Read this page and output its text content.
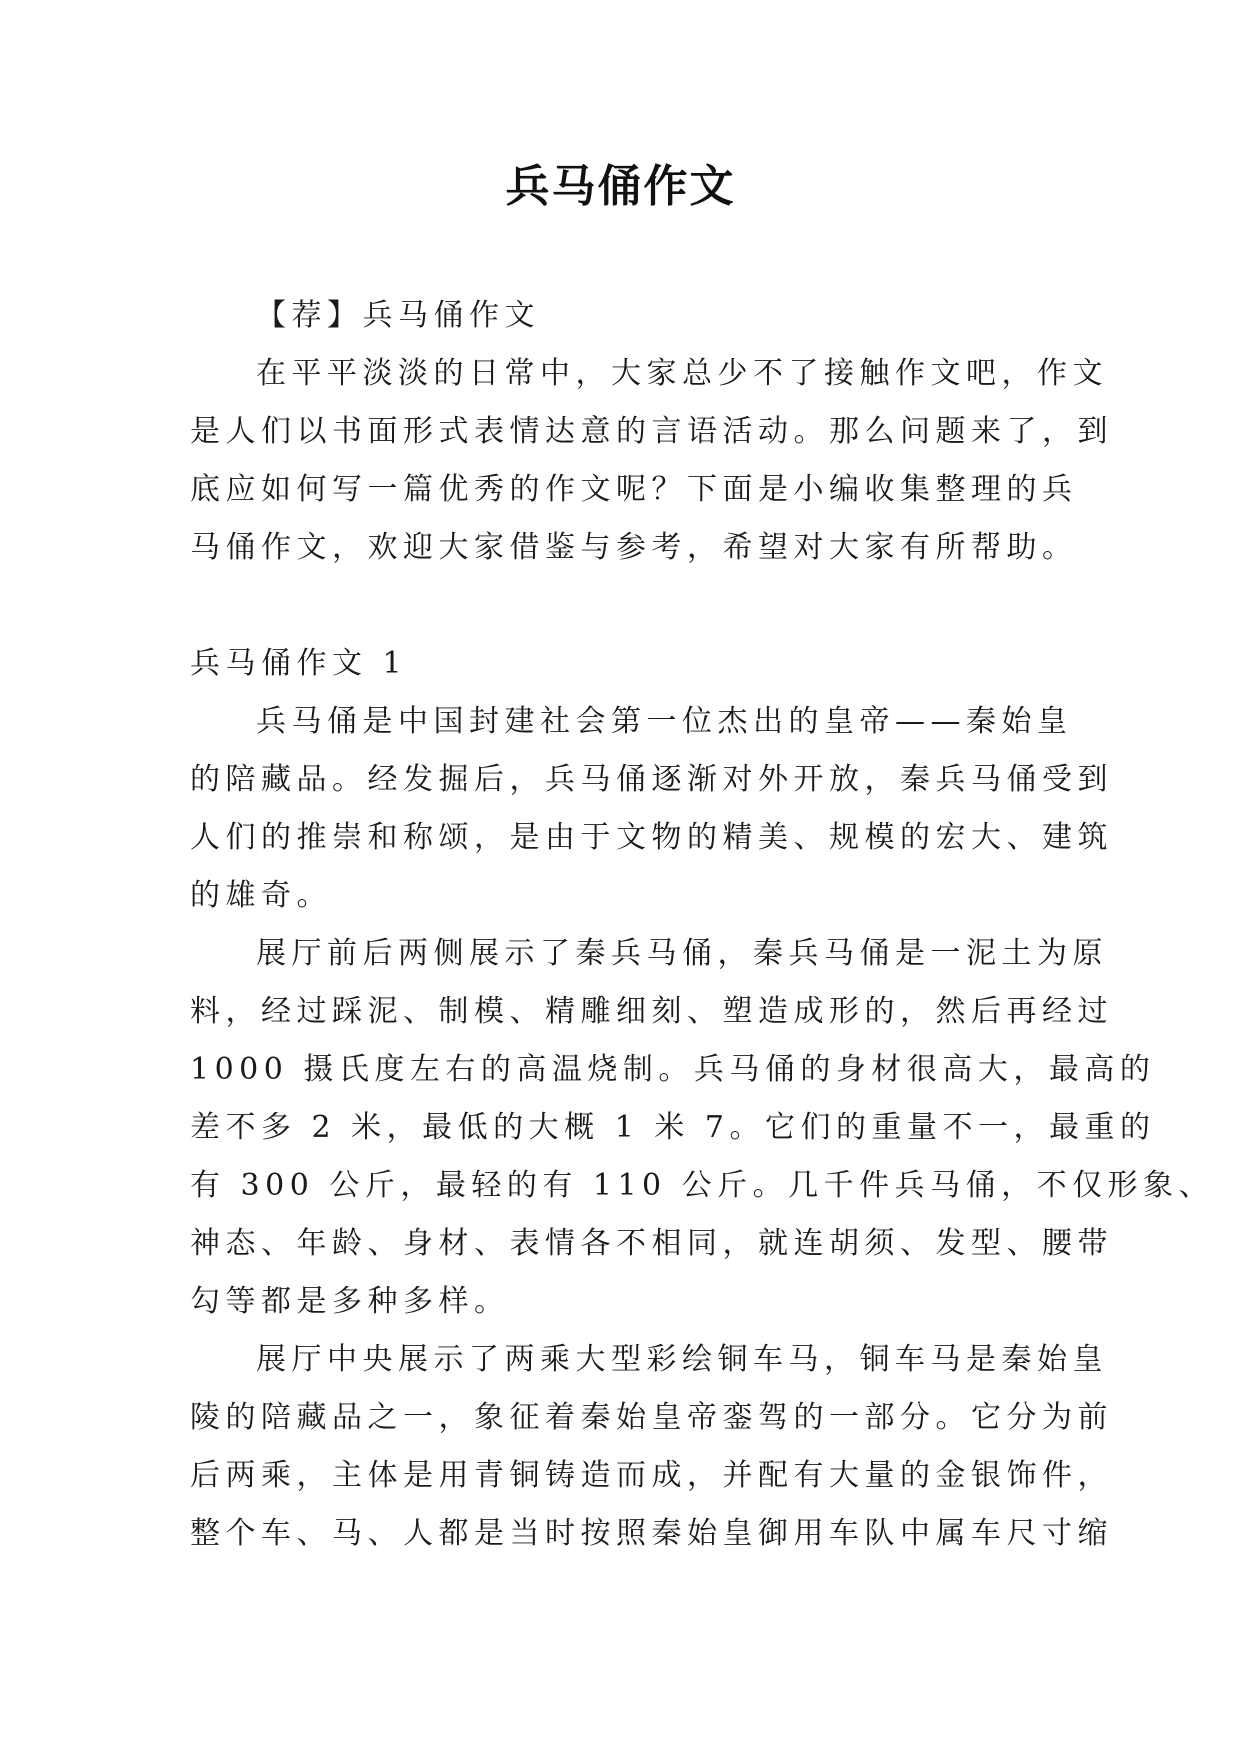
兵马俑作文
【荐】兵马俑作文
在平平淡淡的日常中，大家总少不了接触作文吧，作文
是人们以书面形式表情达意的言语活动。那么问题来了，到
底应如何写一篇优秀的作文呢？下面是小编收集整理的兵
马俑作文，欢迎大家借鉴与参考，希望对大家有所帮助。
兵马俑作文 1
兵马俑是中国封建社会第一位杰出的皇帝——秦始皇
的陪藏品。经发掘后，兵马俑逐渐对外开放，秦兵马俑受到
人们的推崇和称颂，是由于文物的精美、规模的宏大、建筑
的雄奇。
展厅前后两侧展示了秦兵马俑，秦兵马俑是一泥土为原
料，经过踩泥、制模、精雕细刻、塑造成形的，然后再经过
1000 摄氏度左右的高温烧制。兵马俑的身材很高大，最高的
差不多 2 米，最低的大概 1 米 7。它们的重量不一，最重的
有 300 公斤，最轻的有 110 公斤。几千件兵马俑，不仅形象、
神态、年龄、身材、表情各不相同，就连胡须、发型、腰带
勾等都是多种多样。
展厅中央展示了两乘大型彩绘铜车马，铜车马是秦始皇
陵的陪藏品之一，象征着秦始皇帝銮驾的一部分。它分为前
后两乘，主体是用青铜铸造而成，并配有大量的金银饰件，
整个车、马、人都是当时按照秦始皇御用车队中属车尺寸缩
